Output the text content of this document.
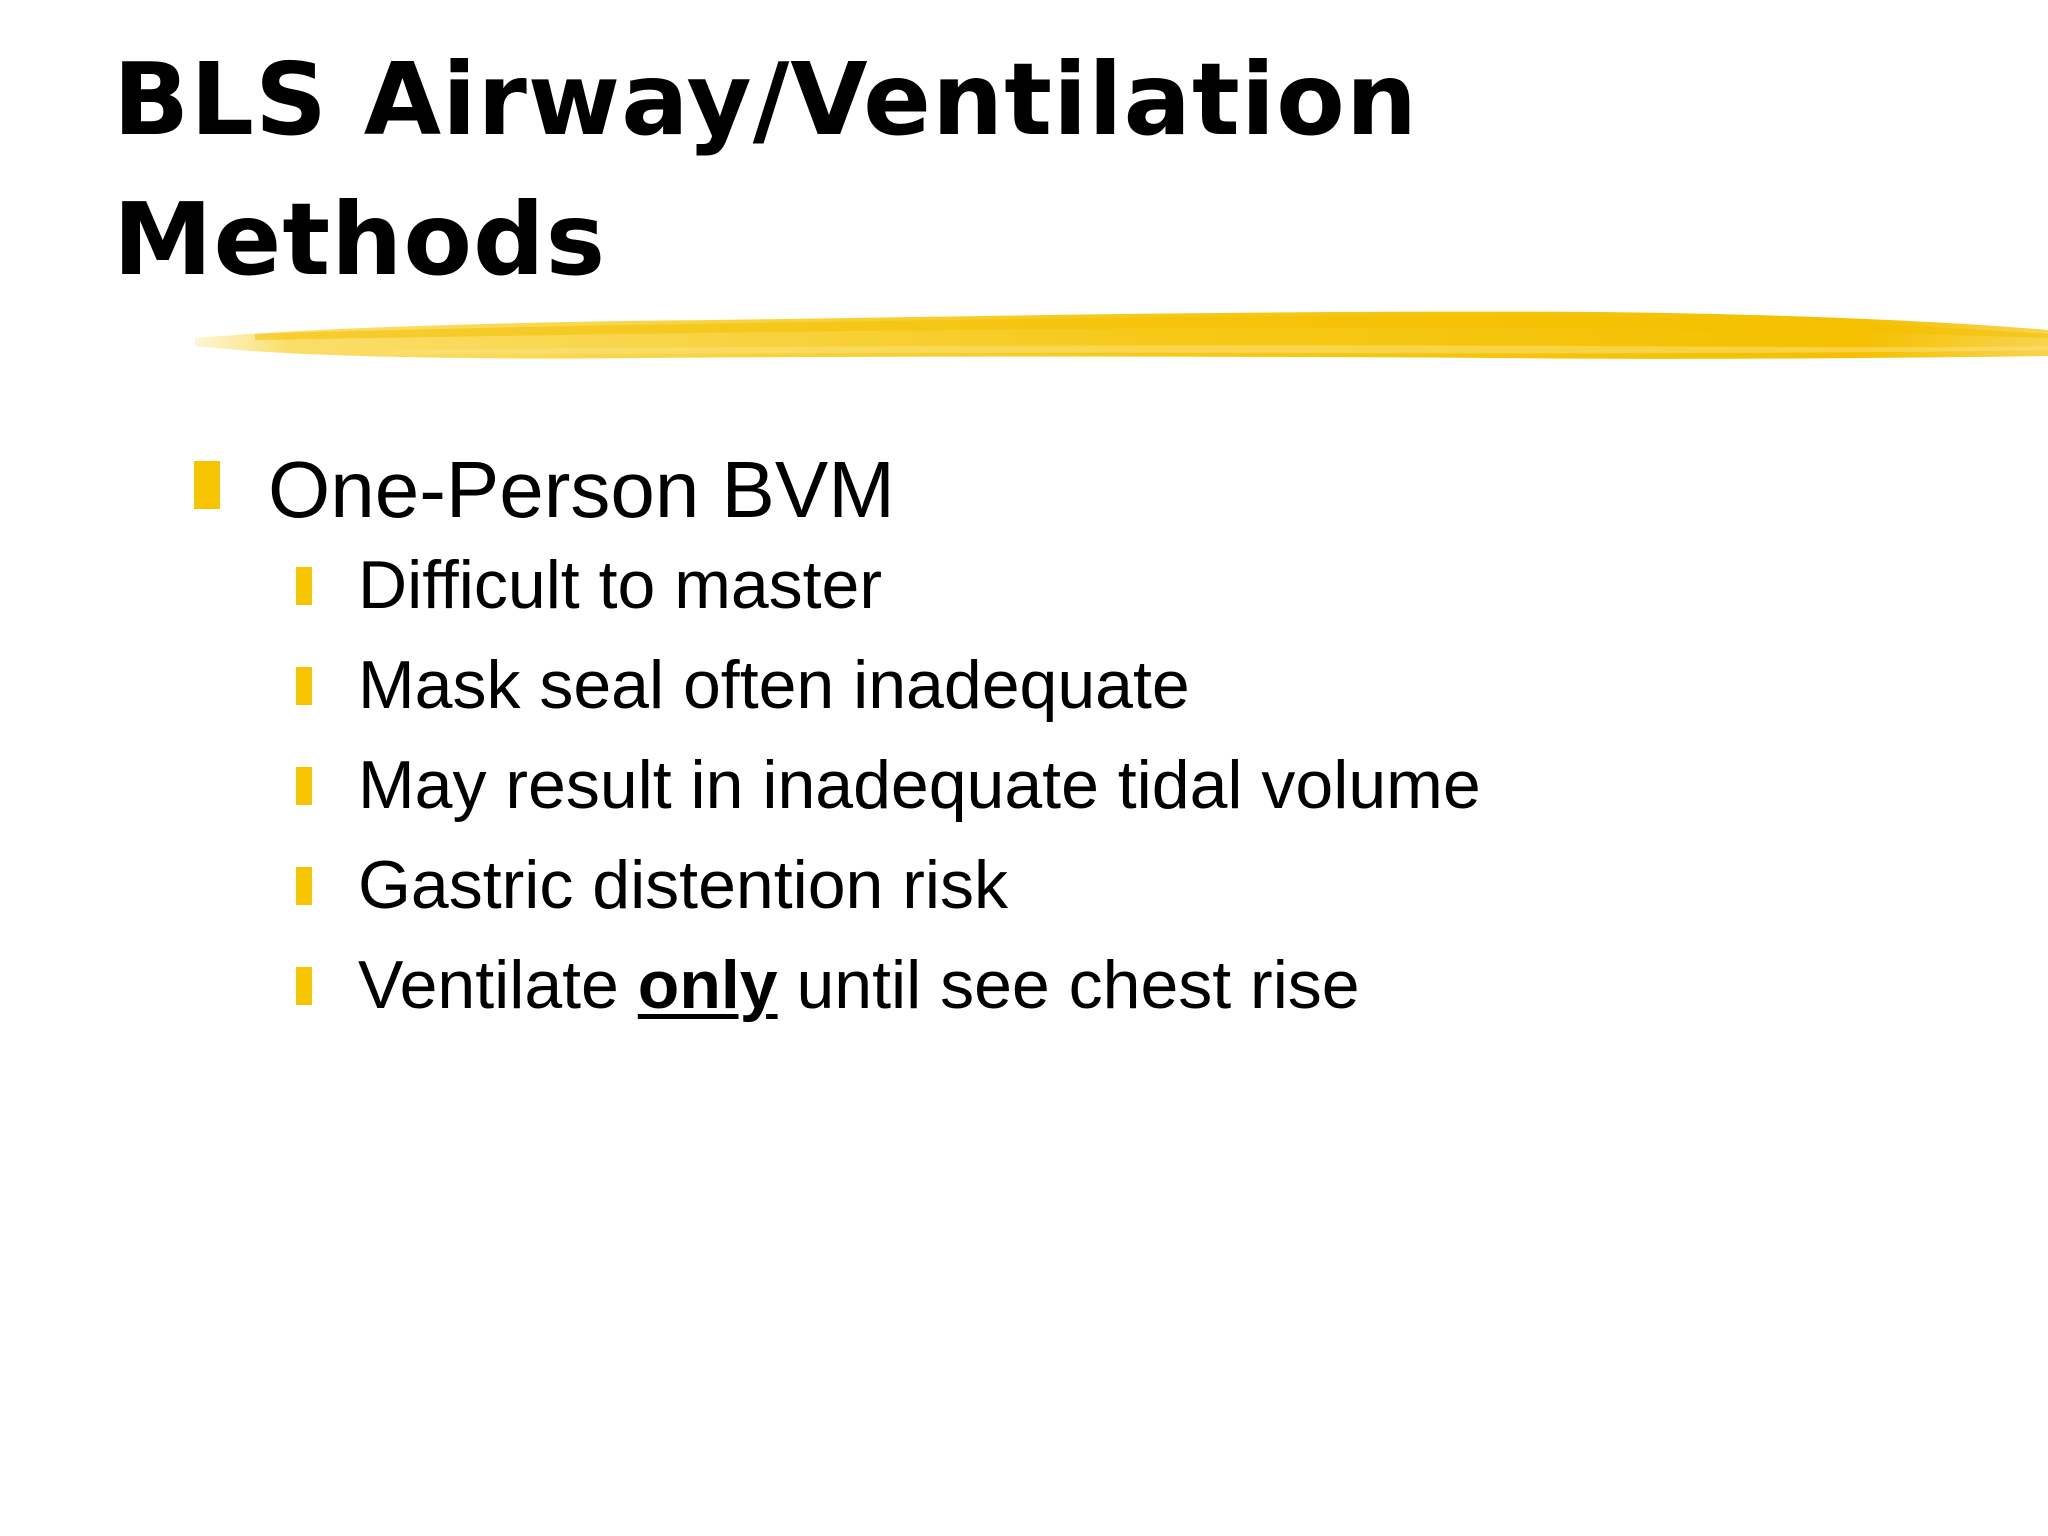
BLS Airway/Ventilation
Methods
One-Person BVM
Difficult to master
Mask seal often inadequate
May result in inadequate tidal volume
Gastric distention risk
Ventilate only until see chest rise
